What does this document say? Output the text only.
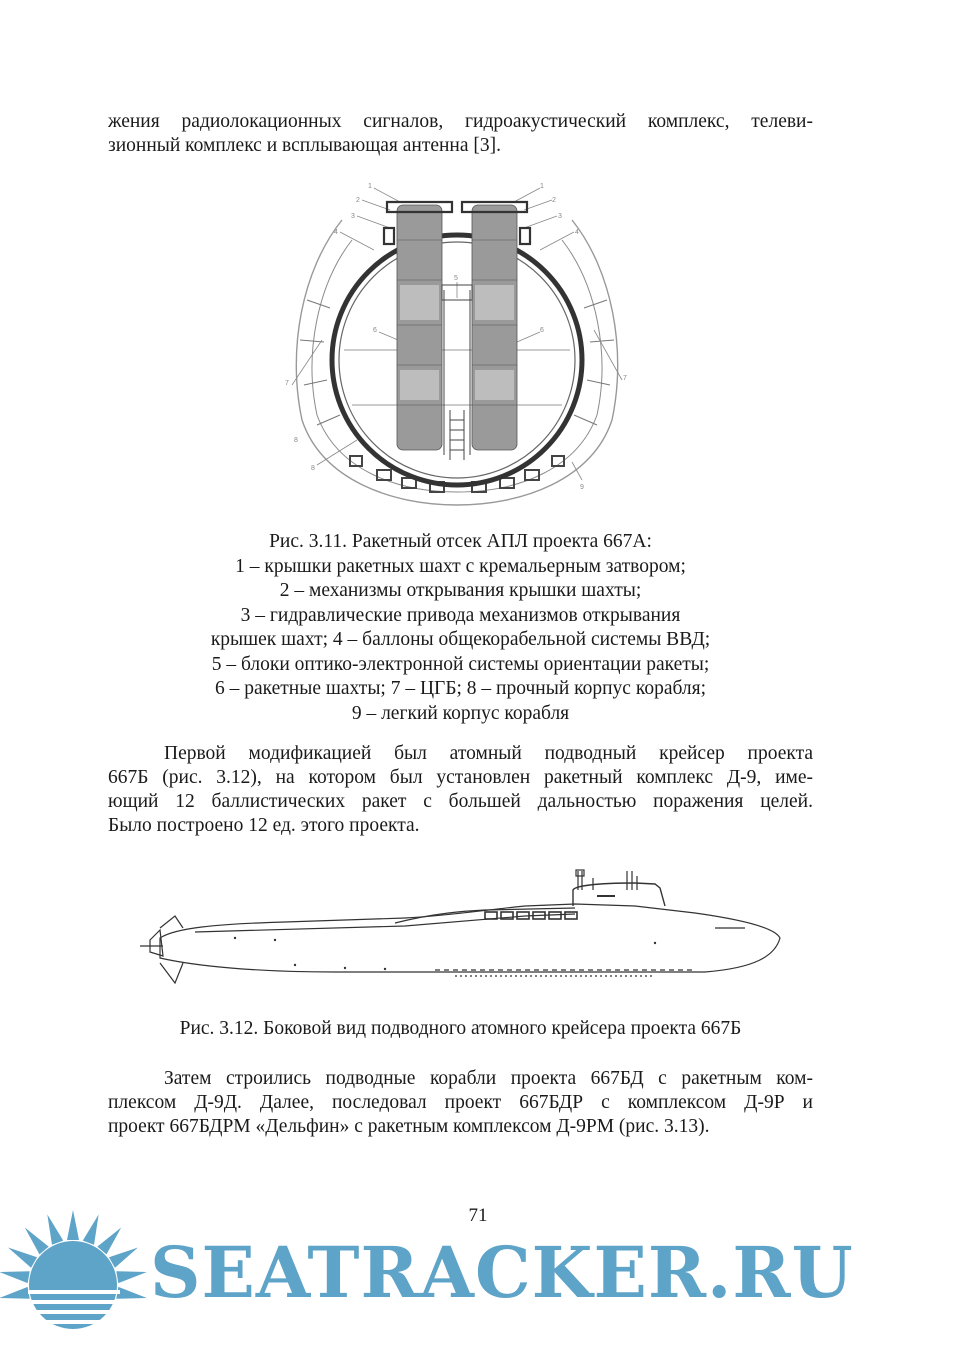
жения радиолокационных сигналов, гидроакустический комплекс, телеви-
зионный комплекс и всплывающая антенна [3].
1	1
2	2
3	3
4	4
5
6	6
7
7
8
9
8
Рис. 3.11. Ракетный отсек АПЛ проекта 667А:
1 – крышки ракетных шахт с кремальерным затвором;
2 – механизмы открывания крышки шахты;
3 – гидравлические привода механизмов открывания
крышек шахт; 4 – баллоны общекорабельной системы ВВД;
5 – блоки оптико-электронной системы ориентации ракеты;
6 – ракетные шахты; 7 – ЦГБ; 8 – прочный корпус корабля;
9 – легкий корпус корабля
Первой модификацией был атомный подводный крейсер проекта
667Б (рис. 3.12), на котором был установлен ракетный комплекс Д-9, име-
ющий 12 баллистических ракет с большей дальностью поражения целей.
Было построено 12 ед. этого проекта.
Рис. 3.12. Боковой вид подводного атомного крейсера проекта 667Б
Затем строились подводные корабли проекта 667БД с ракетным ком-
плексом Д-9Д. Далее, последовал проект 667БДР с комплексом Д-9Р и
проект 667БДРМ «Дельфин» с ракетным комплексом Д-9РМ (рис. 3.13).
71
SEATRACKER.RU
